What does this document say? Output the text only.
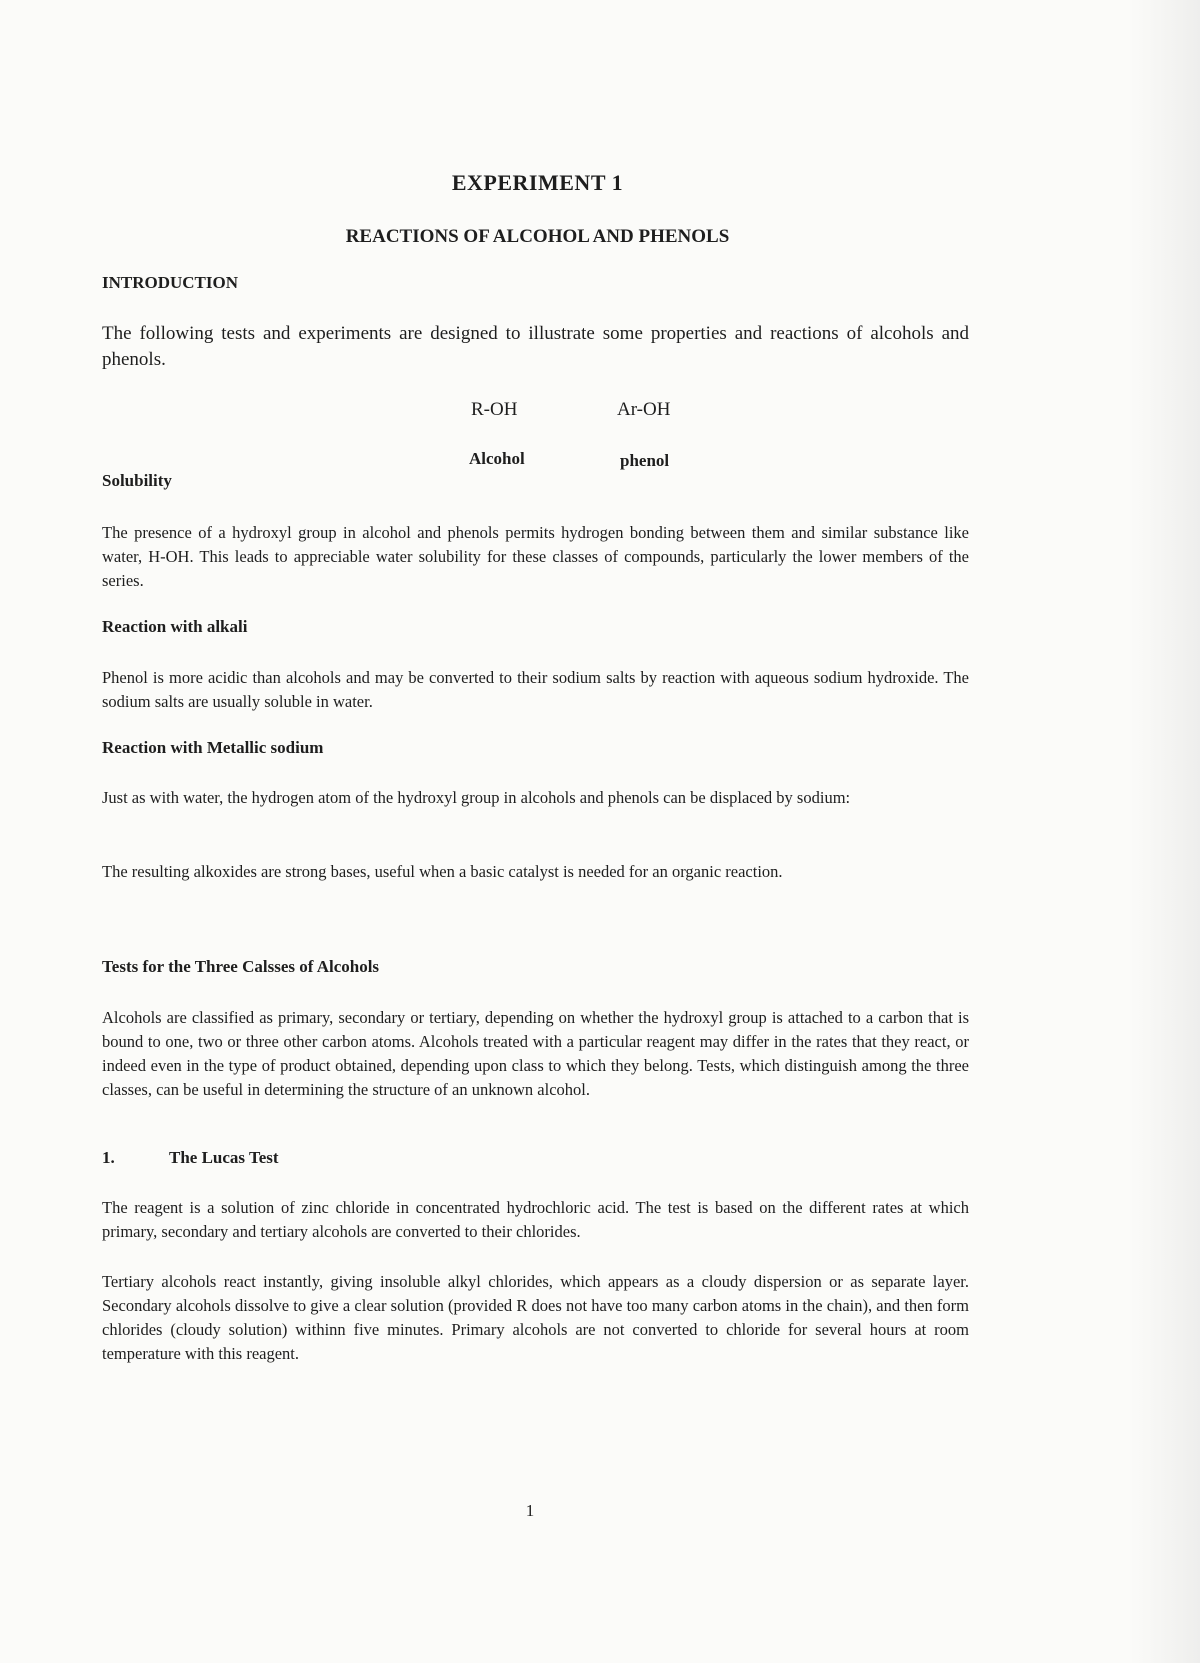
EXPERIMENT 1
REACTIONS OF ALCOHOL AND PHENOLS
INTRODUCTION

The following tests and experiments are designed to illustrate some properties and reactions of alcohols and phenols.

R-OH	Ar-OH
Alcohol	phenol
Solubility

The presence of a hydroxyl group in alcohol and phenols permits hydrogen bonding between them and similar substance like water, H-OH. This leads to appreciable water solubility for these classes of compounds, particularly the lower members of the series.

Reaction with alkali

Phenol is more acidic than alcohols and may be converted to their sodium salts by reaction with aqueous sodium hydroxide. The sodium salts are usually soluble in water.

Reaction with Metallic sodium

Just as with water, the hydrogen atom of the hydroxyl group in alcohols and phenols can be displaced by sodium:

The resulting alkoxides are strong bases, useful when a basic catalyst is needed for an organic reaction.

Tests for the Three Calsses of Alcohols

Alcohols are classified as primary, secondary or tertiary, depending on whether the hydroxyl group is attached to a carbon that is bound to one, two or three other carbon atoms. Alcohols treated with a particular reagent may differ in the rates that they react, or indeed even in the type of product obtained, depending upon class to which they belong. Tests, which distinguish among the three classes, can be useful in determining the structure of an unknown alcohol.

1.	The Lucas Test

The reagent is a solution of zinc chloride in concentrated hydrochloric acid. The test is based on the different rates at which primary, secondary and tertiary alcohols are converted to their chlorides.

Tertiary alcohols react instantly, giving insoluble alkyl chlorides, which appears as a cloudy dispersion or as separate layer. Secondary alcohols dissolve to give a clear solution (provided R does not have too many carbon atoms in the chain), and then form chlorides (cloudy solution) withinn five minutes. Primary alcohols are not converted to chloride for several hours at room temperature with this reagent.

1
